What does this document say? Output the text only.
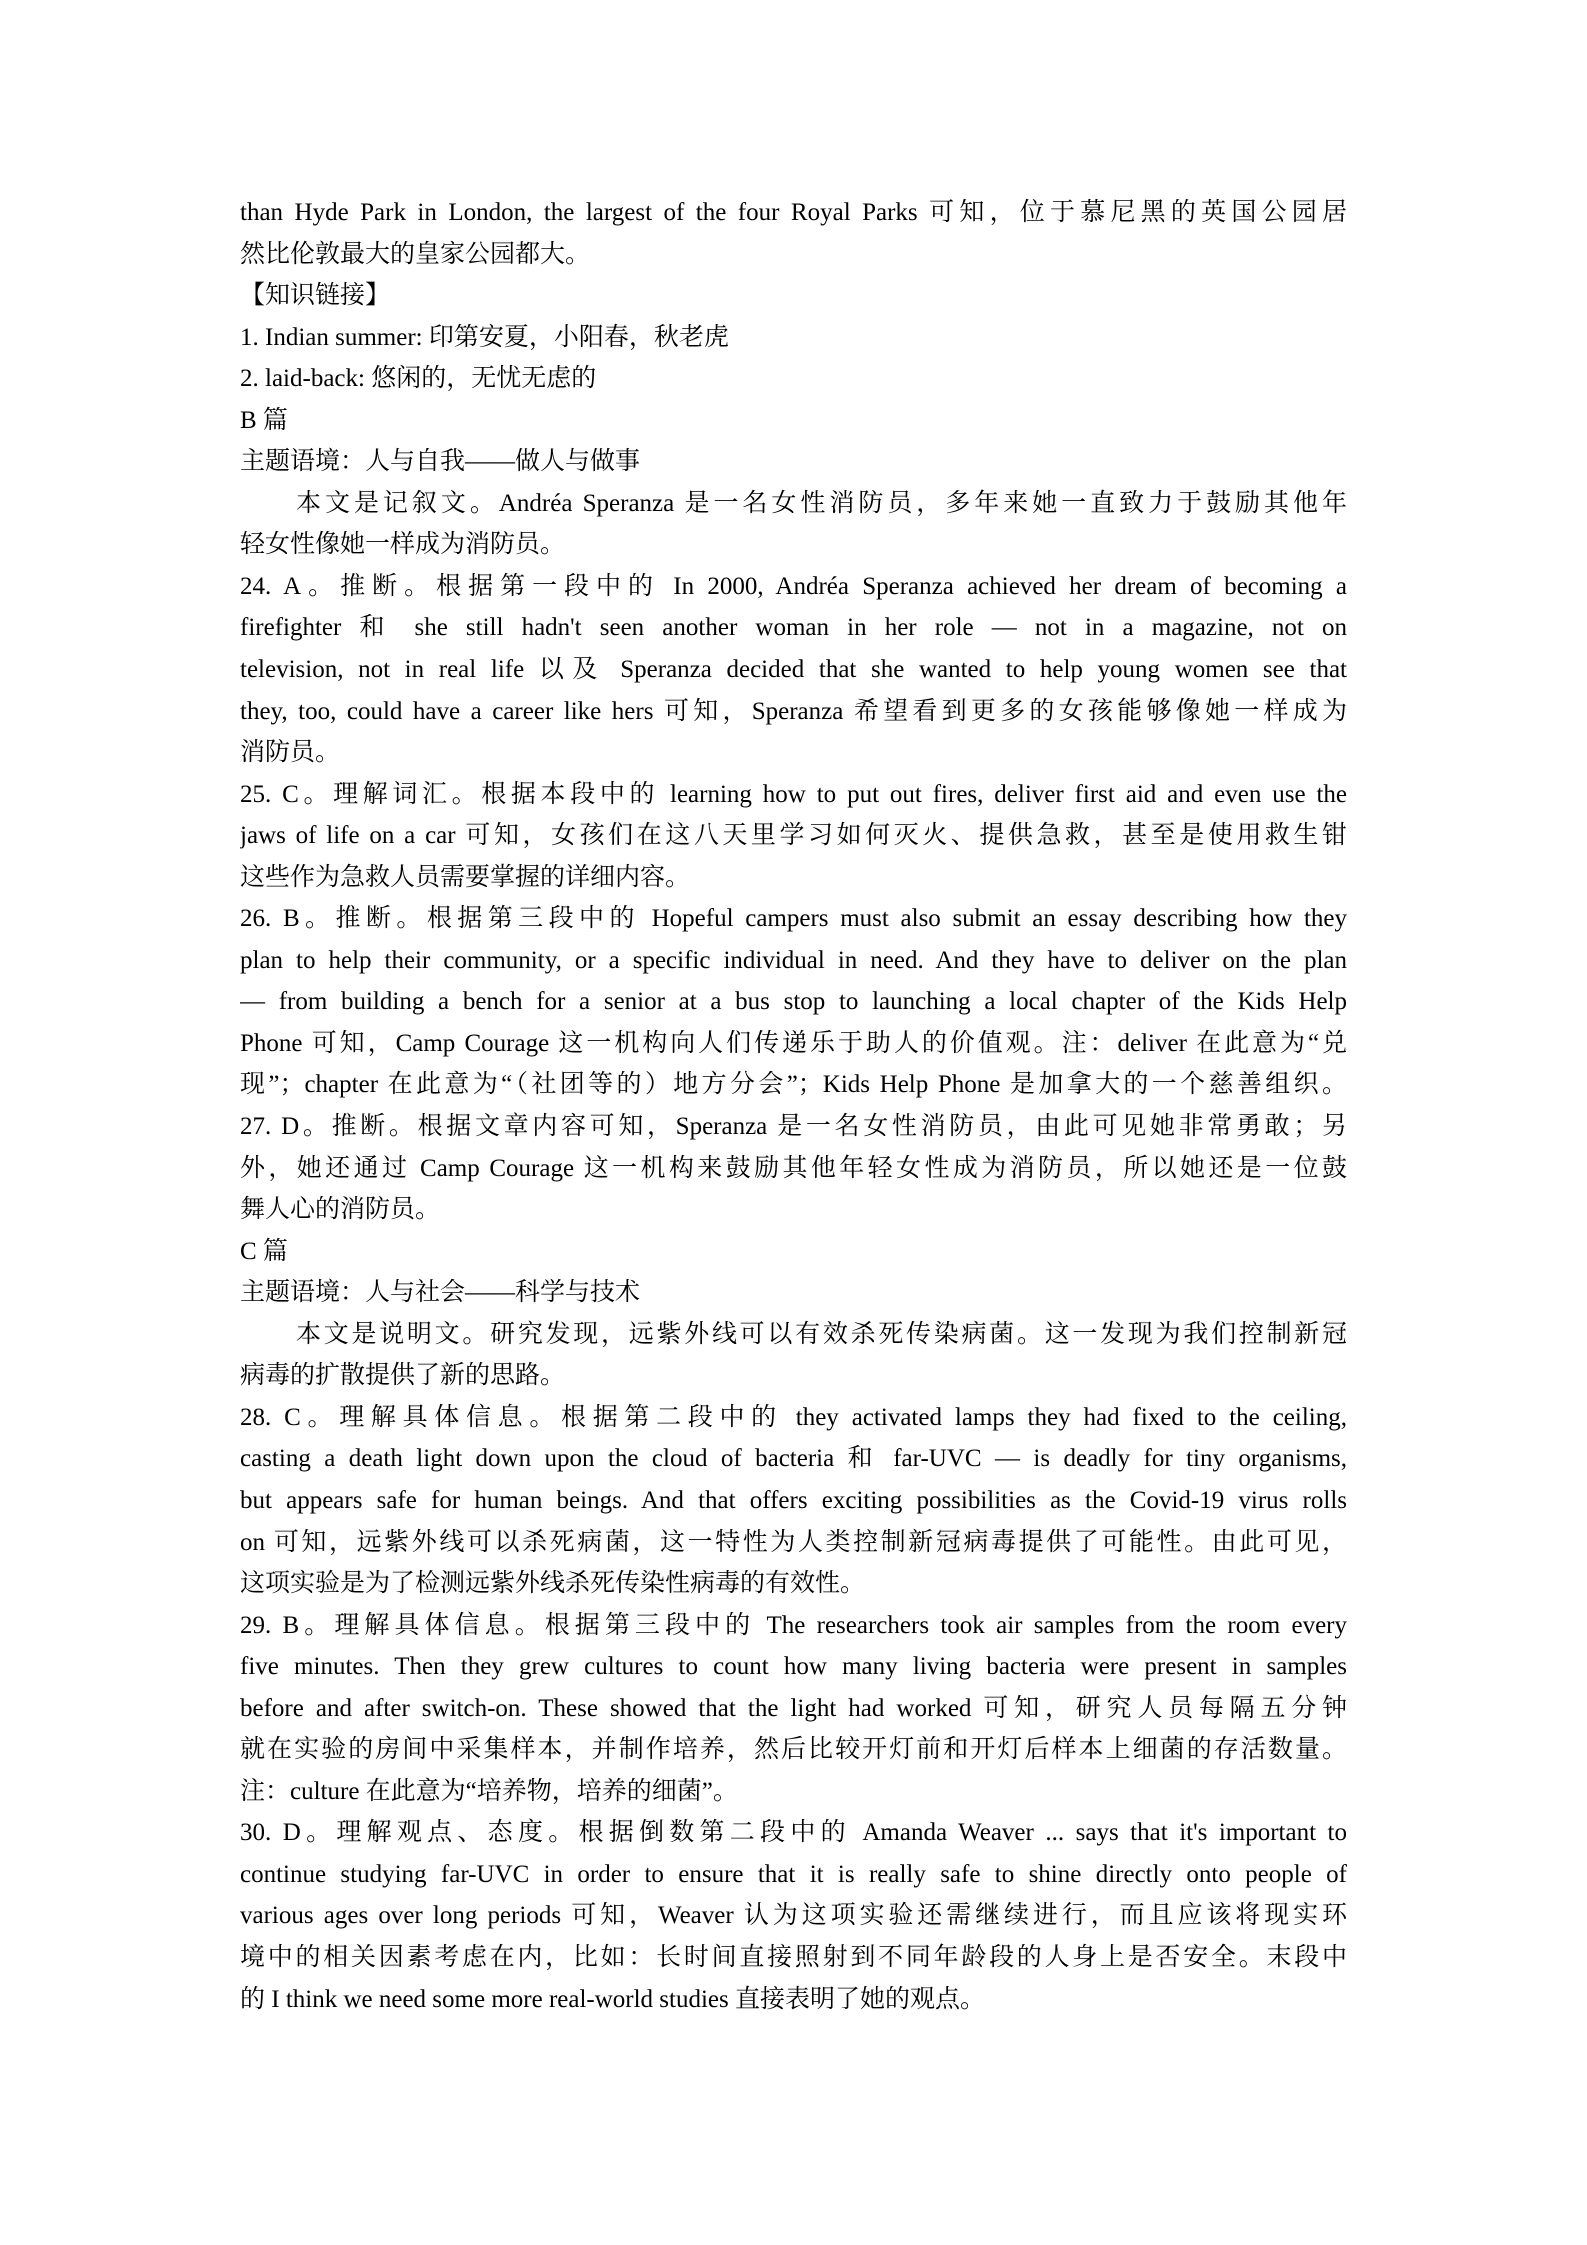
than Hyde Park in London, the largest of the four Royal Parks 可知，位于慕尼黑的英国公园居
然比伦敦最大的皇家公园都大。
【知识链接】
1. Indian summer: 印第安夏，小阳春，秋老虎
2. laid-back: 悠闲的，无忧无虑的
B 篇
主题语境：人与自我——做人与做事
本文是记叙文。Andréa Speranza 是一名女性消防员，多年来她一直致力于鼓励其他年
轻女性像她一样成为消防员。
24. A。推断。根据第一段中的 In 2000, Andréa Speranza achieved her dream of becoming a
firefighter 和 she still hadn't seen another woman in her role — not in a magazine, not on
television, not in real life 以及 Speranza decided that she wanted to help young women see that
they, too, could have a career like hers 可知，Speranza 希望看到更多的女孩能够像她一样成为
消防员。
25. C。理解词汇。根据本段中的 learning how to put out fires, deliver first aid and even use the
jaws of life on a car 可知，女孩们在这八天里学习如何灭火、提供急救，甚至是使用救生钳
这些作为急救人员需要掌握的详细内容。
26. B。推断。根据第三段中的 Hopeful campers must also submit an essay describing how they
plan to help their community, or a specific individual in need. And they have to deliver on the plan
— from building a bench for a senior at a bus stop to launching a local chapter of the Kids Help
Phone 可知，Camp Courage 这一机构向人们传递乐于助人的价值观。注：deliver 在此意为“兑
现”；chapter 在此意为“（社团等的）地方分会”；Kids Help Phone 是加拿大的一个慈善组织。
27. D。推断。根据文章内容可知，Speranza 是一名女性消防员，由此可见她非常勇敢；另
外，她还通过 Camp Courage 这一机构来鼓励其他年轻女性成为消防员，所以她还是一位鼓
舞人心的消防员。
C 篇
主题语境：人与社会——科学与技术
本文是说明文。研究发现，远紫外线可以有效杀死传染病菌。这一发现为我们控制新冠
病毒的扩散提供了新的思路。
28. C。理解具体信息。根据第二段中的 they activated lamps they had fixed to the ceiling,
casting a death light down upon the cloud of bacteria 和 far-UVC — is deadly for tiny organisms,
but appears safe for human beings. And that offers exciting possibilities as the Covid-19 virus rolls
on 可知，远紫外线可以杀死病菌，这一特性为人类控制新冠病毒提供了可能性。由此可见，
这项实验是为了检测远紫外线杀死传染性病毒的有效性。
29. B。理解具体信息。根据第三段中的 The researchers took air samples from the room every
five minutes. Then they grew cultures to count how many living bacteria were present in samples
before and after switch-on. These showed that the light had worked 可知，研究人员每隔五分钟
就在实验的房间中采集样本，并制作培养，然后比较开灯前和开灯后样本上细菌的存活数量。
注：culture 在此意为“培养物，培养的细菌”。
30. D。理解观点、态度。根据倒数第二段中的 Amanda Weaver ... says that it's important to
continue studying far-UVC in order to ensure that it is really safe to shine directly onto people of
various ages over long periods 可知，Weaver 认为这项实验还需继续进行，而且应该将现实环
境中的相关因素考虑在内，比如：长时间直接照射到不同年龄段的人身上是否安全。末段中
的 I think we need some more real-world studies 直接表明了她的观点。
